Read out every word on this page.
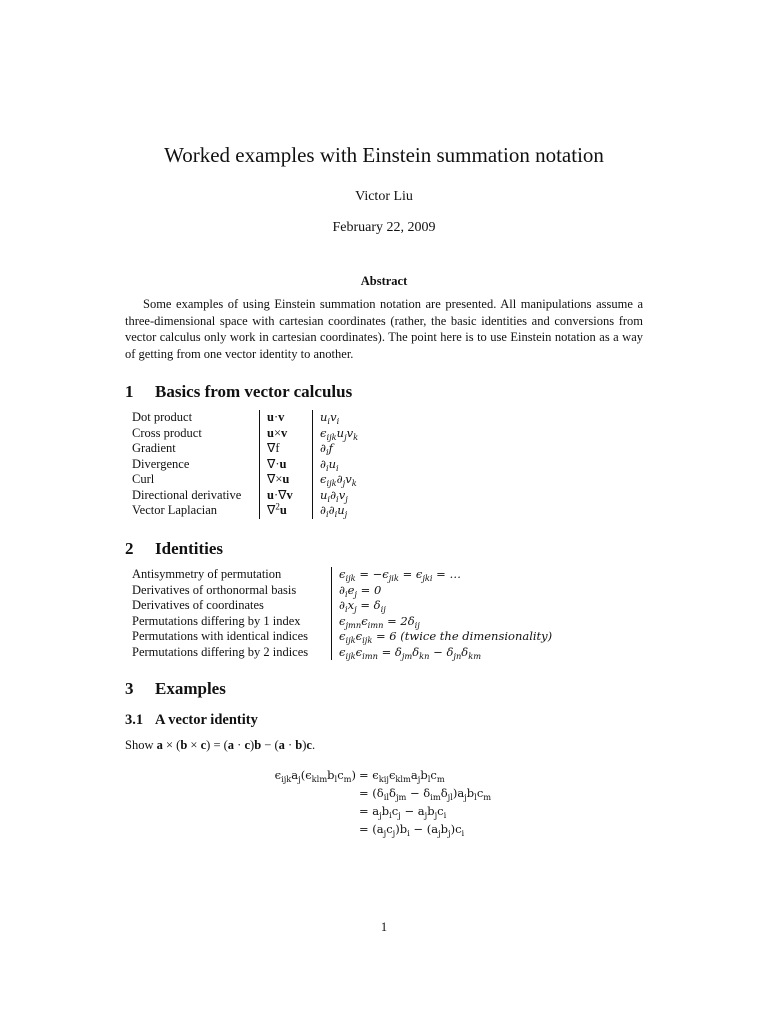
Worked examples with Einstein summation notation
Victor Liu
February 22, 2009
Abstract
Some examples of using Einstein summation notation are presented. All manipulations assume a three-dimensional space with cartesian coordinates (rather, the basic identities and conversions from vector calculus only work in cartesian coordinates). The point here is to use Einstein notation as a way of getting from one vector identity to another.
1 Basics from vector calculus
Dot product	u·v	$u_iv_i$
Cross product	u×v	$\epsilon_{ijk}u_jv_k$
Gradient	∇f	$\partial_if$
Divergence	∇·u	$\partial_iu_i$
Curl	∇×u	$\epsilon_{ijk}\partial_jv_k$
Directional derivative	u·∇v	$u_i\partial_iv_j$
Vector Laplacian	∇$^2$u	$\partial_i\partial_iu_j$
2 Identities
Antisymmetry of permutation	$\epsilon_{ijk} = -\epsilon_{jik} = \epsilon_{jki}$ = …
Derivatives of orthonormal basis	$\partial_ie_j = 0$
Derivatives of coordinates	$\partial_ix_j = \delta_{ij}$
Permutations differing by 1 index	$\epsilon_{jmn}\epsilon_{imn} = 2\delta_{ij}$
Permutations with identical indices	$\epsilon_{ijk}\epsilon_{ijk} = 6$ (twice the dimensionality)
Permutations differing by 2 indices	$\epsilon_{ijk}\epsilon_{imn} = \delta_{jm}\delta_{kn} - \delta_{jn}\delta_{km}$
3 Examples
3.1 A vector identity
Show a × (b × c) = (a · c)b − (a · b)c.
$\epsilon_{ijk}a_j(\epsilon_{klm}b_lc_m) = \epsilon_{kij}\epsilon_{klm}a_jb_lc_m$
= $(\delta_{il}\delta_{jm} - \delta_{im}\delta_{jl})a_jb_lc_m$
= $a_jb_ic_j - a_jb_jc_i$
= $(a_jc_j)b_i - (a_jb_j)c_i$
1
